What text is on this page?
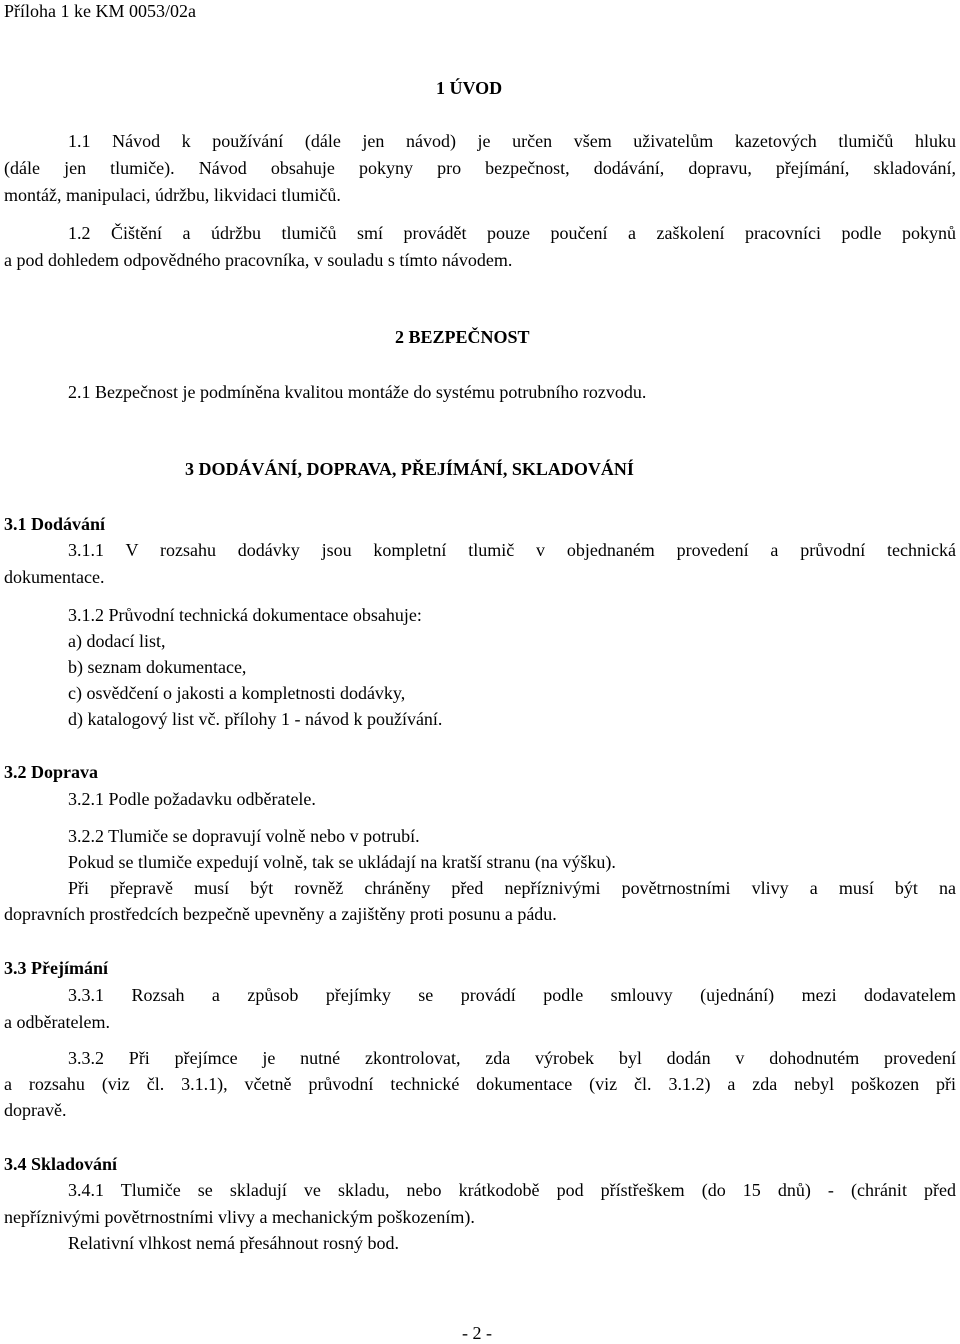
Příloha 1 ke KM 0053/02a
1 ÚVOD
1.1 Návod k používání (dále jen návod) je určen všem uživatelům kazetových tlumičů hluku
(dále jen tlumiče). Návod obsahuje pokyny pro bezpečnost, dodávání, dopravu, přejímání, skladování,
montáž, manipulaci, údržbu, likvidaci tlumičů.
1.2 Čištění a údržbu tlumičů smí provádět pouze poučení a zaškolení pracovníci podle pokynů
a pod dohledem odpovědného pracovníka, v souladu s tímto návodem.
2 BEZPEČNOST
2.1 Bezpečnost je podmíněna kvalitou montáže do systému potrubního rozvodu.
3 DODÁVÁNÍ, DOPRAVA, PŘEJÍMÁNÍ, SKLADOVÁNÍ
3.1 Dodávání
3.1.1 V rozsahu dodávky jsou kompletní tlumič v objednaném provedení a průvodní technická
dokumentace.
3.1.2 Průvodní technická dokumentace obsahuje:
a) dodací list,
b) seznam dokumentace,
c) osvědčení o jakosti a kompletnosti dodávky,
d) katalogový list vč. přílohy 1 - návod k používání.
3.2 Doprava
3.2.1 Podle požadavku odběratele.
3.2.2 Tlumiče se dopravují volně nebo v potrubí.
Pokud se tlumiče expedují volně, tak se ukládají na kratší stranu (na výšku).
Při přepravě musí být rovněž chráněny před nepříznivými povětrnostními vlivy a musí být na
dopravních prostředcích bezpečně upevněny a zajištěny proti posunu a pádu.
3.3 Přejímání
3.3.1 Rozsah a způsob přejímky se provádí podle smlouvy (ujednání) mezi dodavatelem
a odběratelem.
3.3.2 Při přejímce je nutné zkontrolovat, zda výrobek byl dodán v dohodnutém provedení
a rozsahu (viz čl. 3.1.1), včetně průvodní technické dokumentace (viz čl. 3.1.2) a zda nebyl poškozen při
dopravě.
3.4 Skladování
3.4.1 Tlumiče se skladují ve skladu, nebo krátkodobě pod přístřeškem (do 15 dnů) - (chránit před
nepříznivými povětrnostními vlivy a mechanickým poškozením).
Relativní vlhkost nemá přesáhnout rosný bod.
- 2 -
